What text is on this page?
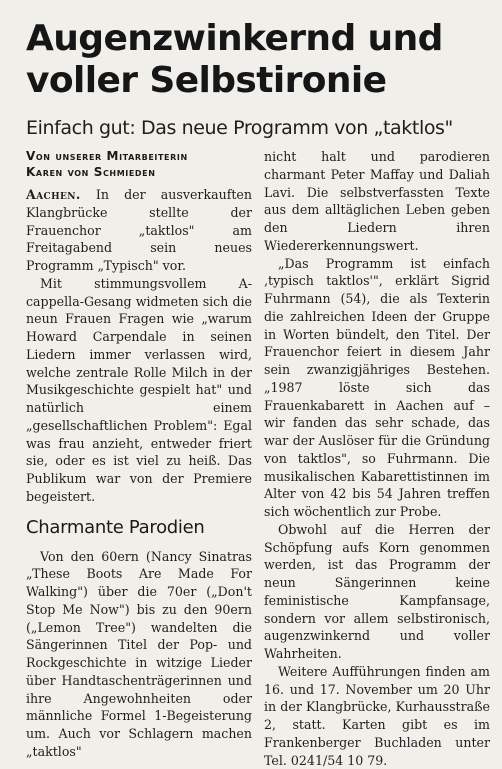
Augenzwinkernd und
voller Selbstironie
Einfach gut: Das neue Programm von „taktlos"
Von unserer Mitarbeiterin
Karen von Schmieden

Aachen. In der ausverkauften Klangbrücke stellte der Frauenchor „taktlos" am Freitagabend sein neues Programm „Typisch" vor.

Mit stimmungsvollem A-cappella-Gesang widmeten sich die neun Frauen Fragen wie „warum Howard Carpendale in seinen Liedern immer verlassen wird, welche zentrale Rolle Milch in der Musikgeschichte gespielt hat" und natürlich einem „gesellschaftlichen Problem": Egal was frau anzieht, entweder friert sie, oder es ist viel zu heiß. Das Publikum war von der Premiere begeistert.

Charmante Parodien

Von den 60ern (Nancy Sinatras „These Boots Are Made For Walking") über die 70er („Don't Stop Me Now") bis zu den 90ern („Lemon Tree") wandelten die Sängerinnen Titel der Pop- und Rockgeschichte in witzige Lieder über Handtaschenträgerinnen und ihre Angewohnheiten oder männliche Formel 1-Begeisterung um. Auch vor Schlagern machen „taktlos"

nicht halt und parodieren charmant Peter Maffay und Daliah Lavi. Die selbstverfassten Texte aus dem alltäglichen Leben geben den Liedern ihren Wiedererkennungswert.

„Das Programm ist einfach ‚typisch taktlos'", erklärt Sigrid Fuhrmann (54), die als Texterin die zahlreichen Ideen der Gruppe in Worten bündelt, den Titel. Der Frauenchor feiert in diesem Jahr sein zwanzigjähriges Bestehen. „1987 löste sich das Frauenkabarett in Aachen auf – wir fanden das sehr schade, das war der Auslöser für die Gründung von taktlos", so Fuhrmann. Die musikalischen Kabarettistinnen im Alter von 42 bis 54 Jahren treffen sich wöchentlich zur Probe.

Obwohl auf die Herren der Schöpfung aufs Korn genommen werden, ist das Programm der neun Sängerinnen keine feministische Kampfansage, sondern vor allem selbstironisch, augenzwinkernd und voller Wahrheiten.

Weitere Aufführungen finden am 16. und 17. November um 20 Uhr in der Klangbrücke, Kurhausstraße 2, statt. Karten gibt es im Frankenberger Buchladen unter Tel. 0241/54 10 79.
